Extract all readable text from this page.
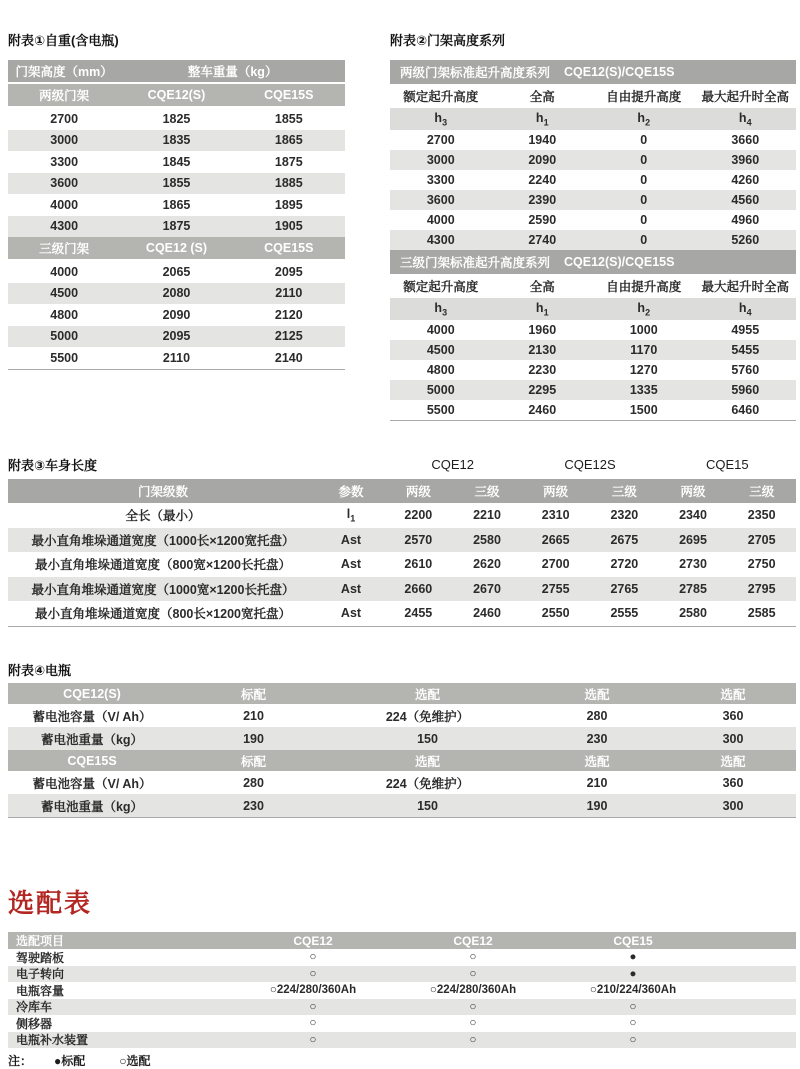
附表①自重(含电瓶)
门架高度（mm）	整车重量（kg）
两级门架	CQE12(S)	CQE15S
2700	1825	1855
3000	1835	1865
3300	1845	1875
3600	1855	1885
4000	1865	1895
4300	1875	1905
三级门架	CQE12 (S)	CQE15S
4000	2065	2095
4500	2080	2110
4800	2090	2120
5000	2095	2125
5500	2110	2140
附表②门架高度系列
两级门架标准起升高度系列 CQE12(S)/CQE15S
额定起升高度	全高	自由提升高度	最大起升时全高
$h_3$	$h_1$	$h_2$	$h_4$
2700	1940	0	3660
3000	2090	0	3960
3300	2240	0	4260
3600	2390	0	4560
4000	2590	0	4960
4300	2740	0	5260
三级门架标准起升高度系列 CQE12(S)/CQE15S
额定起升高度	全高	自由提升高度	最大起升时全高
$h_3$	$h_1$	$h_2$	$h_4$
4000	1960	1000	4955
4500	2130	1170	5455
4800	2230	1270	5760
5000	2295	1335	5960
5500	2460	1500	6460
附表③车身长度	CQE12	CQE12S	CQE15
门架级数	参数	两级	三级	两级	三级	两级	三级
全长（最小）	$l_1$	2200	2210	2310	2320	2340	2350
最小直角堆垛通道宽度（1000长×1200宽托盘）	Ast	2570	2580	2665	2675	2695	2705
最小直角堆垛通道宽度（800宽×1200长托盘）	Ast	2610	2620	2700	2720	2730	2750
最小直角堆垛通道宽度（1000宽×1200长托盘）	Ast	2660	2670	2755	2765	2785	2795
最小直角堆垛通道宽度（800长×1200宽托盘）	Ast	2455	2460	2550	2555	2580	2585
附表④电瓶
CQE12(S)	标配	选配	选配	选配
蓄电池容量（V/ Ah）	210	224（免维护）	280	360
蓄电池重量（kg）	190	150	230	300
CQE15S	标配	选配	选配	选配
蓄电池容量（V/ Ah）	280	224（免维护）	210	360
蓄电池重量（kg）	230	150	190	300
选配表
选配项目	CQE12	CQE12	CQE15
驾驶踏板	○	○	●
电子转向	○	○	●
电瓶容量	○224/280/360Ah	○224/280/360Ah	○210/224/360Ah
冷库车	○	○	○
侧移器	○	○	○
电瓶补水装置	○	○	○
注： ●标配	○选配
